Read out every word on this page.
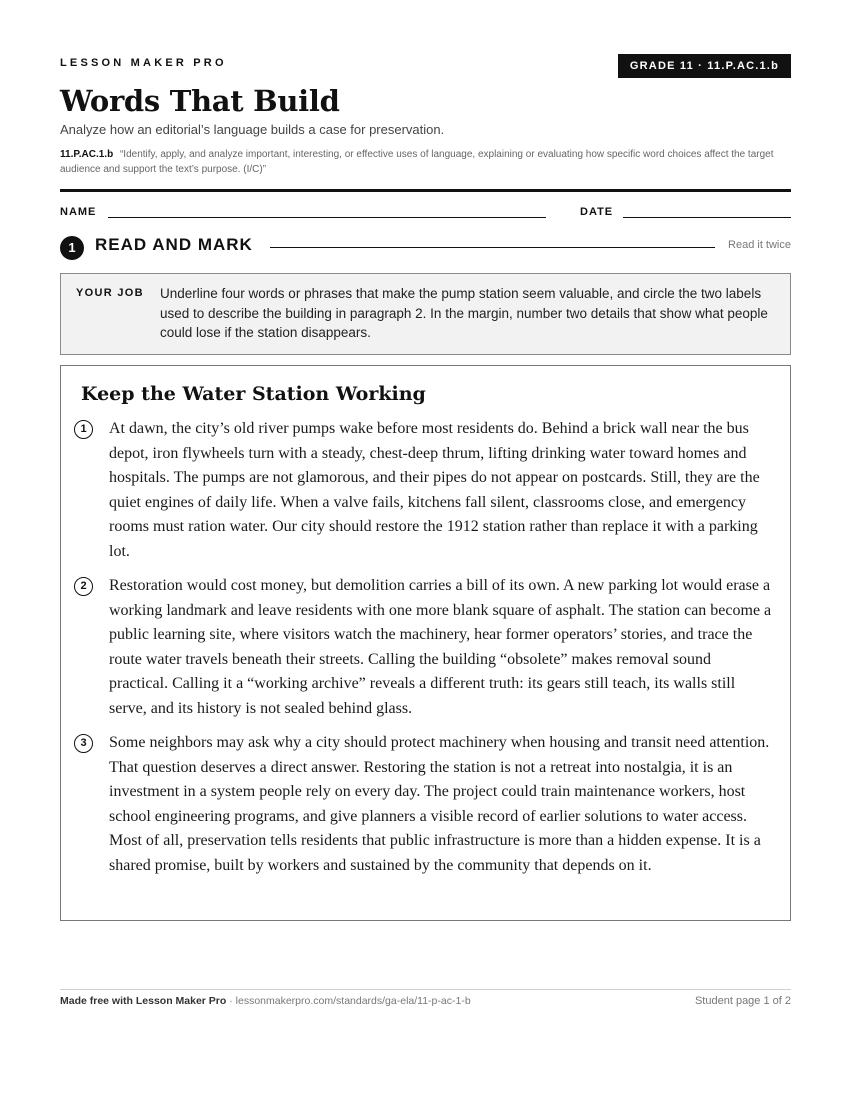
LESSON MAKER PRO	GRADE 11 · 11.P.AC.1.b
Words That Build
Analyze how an editorial’s language builds a case for preservation.
11.P.AC.1.b “Identify, apply, and analyze important, interesting, or effective uses of language, explaining or evaluating how specific word choices affect the target audience and support the text’s purpose. (I/C)”
NAME	DATE
1	READ AND MARK	Read it twice
YOUR JOB Underline four words or phrases that make the pump station seem valuable, and circle the two labels used to describe the building in paragraph 2. In the margin, number two details that show what people could lose if the station disappears.

Keep the Water Station Working
1	At dawn, the city’s old river pumps wake before most residents do. Behind a brick wall near the bus depot, iron flywheels turn with a steady, chest-deep thrum, lifting drinking water toward homes and hospitals. The pumps are not glamorous, and their pipes do not appear on postcards. Still, they are the quiet engines of daily life. When a valve fails, kitchens fall silent, classrooms close, and emergency rooms must ration water. Our city should restore the 1912 station rather than replace it with a parking lot.

2	Restoration would cost money, but demolition carries a bill of its own. A new parking lot would erase a working landmark and leave residents with one more blank square of asphalt. The station can become a public learning site, where visitors watch the machinery, hear former operators’ stories, and trace the route water travels beneath their streets. Calling the building “obsolete” makes removal sound practical. Calling it a “working archive” reveals a different truth: its gears still teach, its walls still serve, and its history is not sealed behind glass.

3	Some neighbors may ask why a city should protect machinery when housing and transit need attention. That question deserves a direct answer. Restoring the station is not a retreat into nostalgia, it is an investment in a system people rely on every day. The project could train maintenance workers, host school engineering programs, and give planners a visible record of earlier solutions to water access. Most of all, preservation tells residents that public infrastructure is more than a hidden expense. It is a shared promise, built by workers and sustained by the community that depends on it.

Made free with Lesson Maker Pro · lessonmakerpro.com/standards/ga-ela/11-p-ac-1-b	Student page 1 of 2
